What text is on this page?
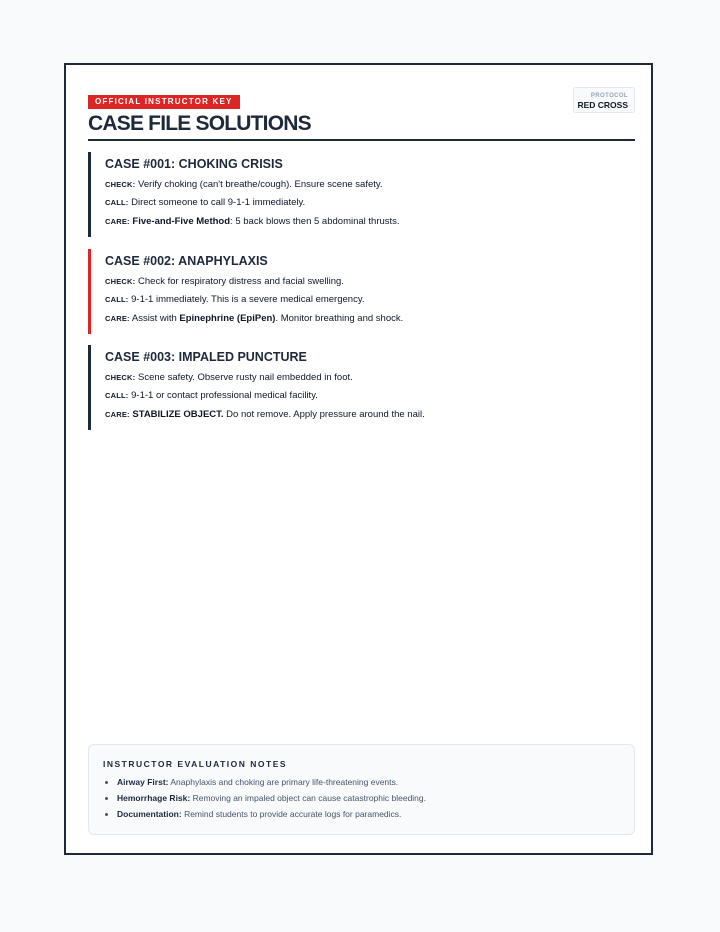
OFFICIAL INSTRUCTOR KEY
CASE FILE SOLUTIONS
PROTOCOL
RED CROSS
CASE #001: CHOKING CRISIS
CHECK: Verify choking (can't breathe/cough). Ensure scene safety.
CALL: Direct someone to call 9-1-1 immediately.
CARE: Five-and-Five Method: 5 back blows then 5 abdominal thrusts.
CASE #002: ANAPHYLAXIS
CHECK: Check for respiratory distress and facial swelling.
CALL: 9-1-1 immediately. This is a severe medical emergency.
CARE: Assist with Epinephrine (EpiPen). Monitor breathing and shock.
CASE #003: IMPALED PUNCTURE
CHECK: Scene safety. Observe rusty nail embedded in foot.
CALL: 9-1-1 or contact professional medical facility.
CARE: STABILIZE OBJECT. Do not remove. Apply pressure around the nail.
INSTRUCTOR EVALUATION NOTES
• Airway First: Anaphylaxis and choking are primary life-threatening events.
• Hemorrhage Risk: Removing an impaled object can cause catastrophic bleeding.
• Documentation: Remind students to provide accurate logs for paramedics.
